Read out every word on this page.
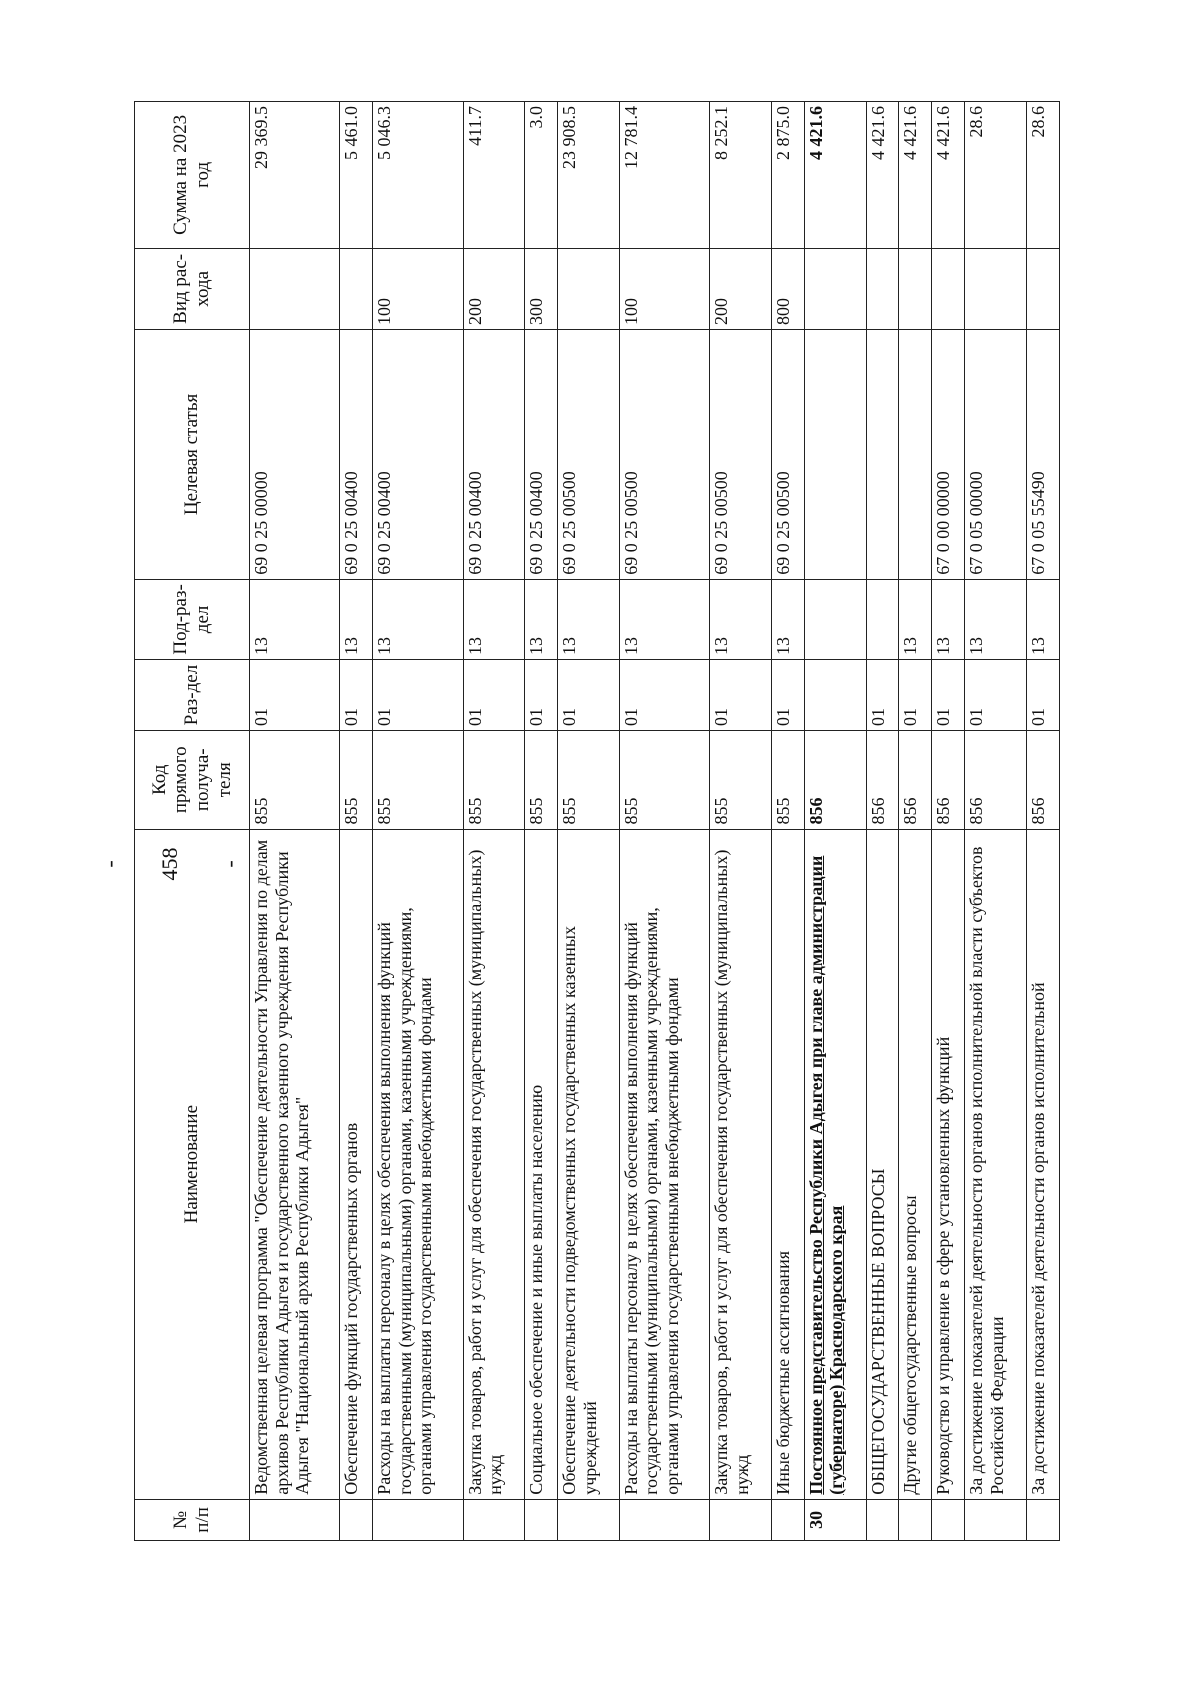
- 458 -
№ п/п	Наименование	Код прямого получа-теля	Раз-дел	Под-раз-дел	Целевая статья	Вид рас-хода	Сумма на 2023 год
	Ведомственная целевая программа "Обеспечение деятельности Управления по делам архивов Республики Адыгея и государственного казенного учреждения Республики Адыгея "Национальный архив Республики Адыгея"	855	01	13	69 0 25 00000		29 369.5
	Обеспечение функций государственных органов	855	01	13	69 0 25 00400		5 461.0
	Расходы на выплаты персоналу в целях обеспечения выполнения функций государственными (муниципальными) органами, казенными учреждениями, органами управления государственными внебюджетными фондами	855	01	13	69 0 25 00400	100	5 046.3
	Закупка товаров, работ и услуг для обеспечения государственных (муниципальных) нужд	855	01	13	69 0 25 00400	200	411.7
	Социальное обеспечение и иные выплаты населению	855	01	13	69 0 25 00400	300	3.0
	Обеспечение деятельности подведомственных государственных казенных учреждений	855	01	13	69 0 25 00500		23 908.5
	Расходы на выплаты персоналу в целях обеспечения выполнения функций государственными (муниципальными) органами, казенными учреждениями, органами управления государственными внебюджетными фондами	855	01	13	69 0 25 00500	100	12 781.4
	Закупка товаров, работ и услуг для обеспечения государственных (муниципальных) нужд	855	01	13	69 0 25 00500	200	8 252.1
	Иные бюджетные ассигнования	855	01	13	69 0 25 00500	800	2 875.0
30	Постоянное представительство Республики Адыгея при главе администрации (губернаторе) Краснодарского края	856					4 421.6
	ОБЩЕГОСУДАРСТВЕННЫЕ ВОПРОСЫ	856	01				4 421.6
	Другие общегосударственные вопросы	856	01	13			4 421.6
	Руководство и управление в сфере установленных функций	856	01	13	67 0 00 00000		4 421.6
	За достижение показателей деятельности органов исполнительной власти субъектов Российской Федерации	856	01	13	67 0 05 00000		28.6
	За достижение показателей деятельности органов исполнительной	856	01	13	67 0 05 55490		28.6
